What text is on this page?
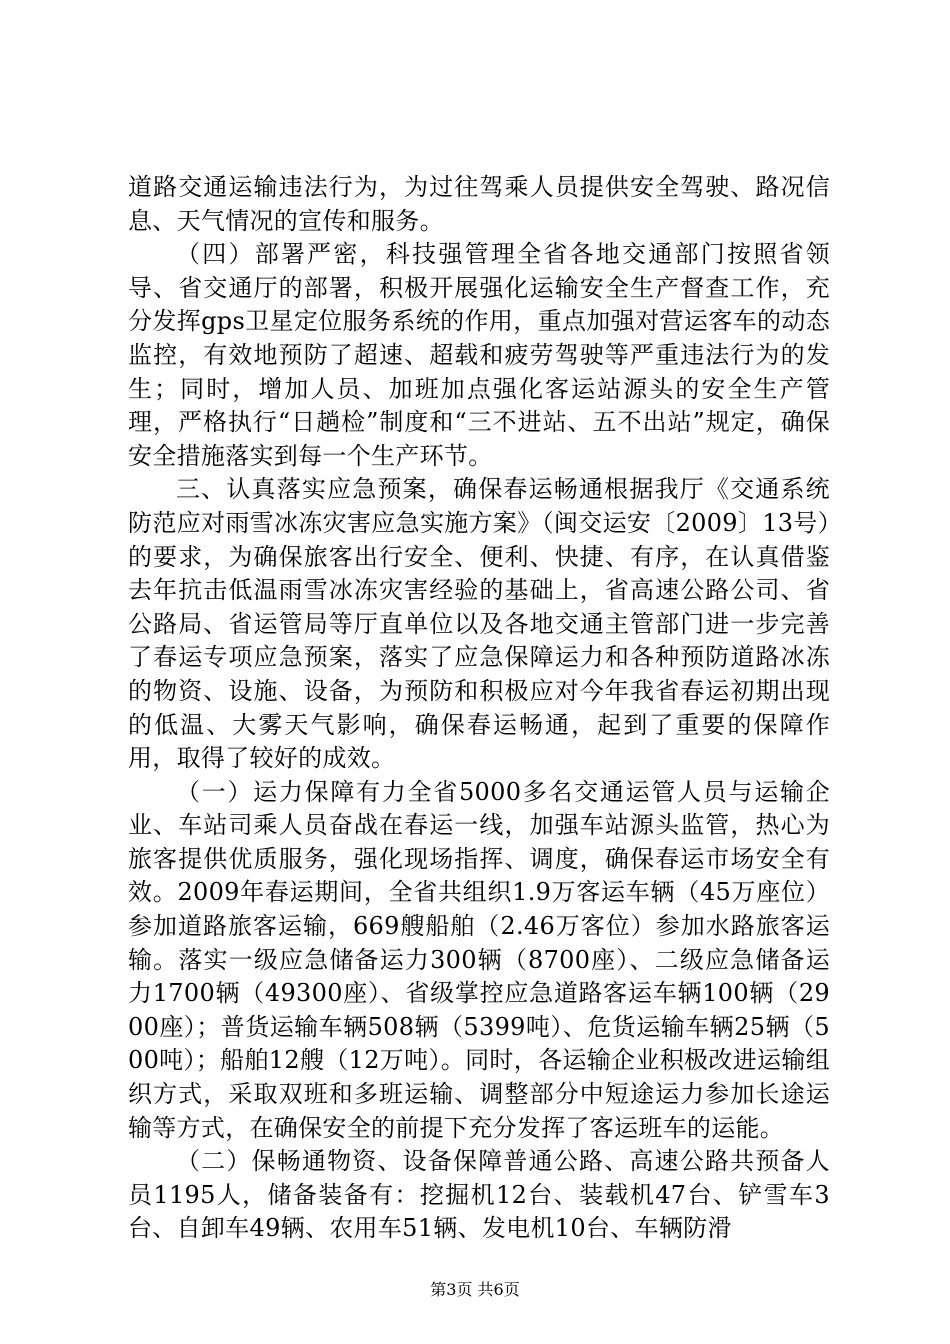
道路交通运输违法行为，为过往驾乘人员提供安全驾驶、路况信息、天气情况的宣传和服务。

（四）部署严密，科技强管理全省各地交通部门按照省领导、省交通厅的部署，积极开展强化运输安全生产督查工作，充分发挥gps卫星定位服务系统的作用，重点加强对营运客车的动态监控，有效地预防了超速、超载和疲劳驾驶等严重违法行为的发生；同时，增加人员、加班加点强化客运站源头的安全生产管理，严格执行“日趟检”制度和“三不进站、五不出站”规定，确保安全措施落实到每一个生产环节。

三、认真落实应急预案，确保春运畅通根据我厅《交通系统防范应对雨雪冰冻灾害应急实施方案》（闽交运安〔2009〕13号）的要求，为确保旅客出行安全、便利、快捷、有序，在认真借鉴去年抗击低温雨雪冰冻灾害经验的基础上，省高速公路公司、省公路局、省运管局等厅直单位以及各地交通主管部门进一步完善了春运专项应急预案，落实了应急保障运力和各种预防道路冰冻的物资、设施、设备，为预防和积极应对今年我省春运初期出现的低温、大雾天气影响，确保春运畅通，起到了重要的保障作用，取得了较好的成效。

（一）运力保障有力全省5000多名交通运管人员与运输企业、车站司乘人员奋战在春运一线，加强车站源头监管，热心为旅客提供优质服务，强化现场指挥、调度，确保春运市场安全有效。2009年春运期间，全省共组织1.9万客运车辆（45万座位）参加道路旅客运输，669艘船舶（2.46万客位）参加水路旅客运输。落实一级应急储备运力300辆（8700座）、二级应急储备运力1700辆（49300座）、省级掌控应急道路客运车辆100辆（2900座）；普货运输车辆508辆（5399吨）、危货运输车辆25辆（500吨）；船舶12艘（12万吨）。同时，各运输企业积极改进运输组织方式，采取双班和多班运输、调整部分中短途运力参加长途运输等方式，在确保安全的前提下充分发挥了客运班车的运能。

（二）保畅通物资、设备保障普通公路、高速公路共预备人员1195人，储备装备有：挖掘机12台、装载机47台、铲雪车3台、自卸车49辆、农用车51辆、发电机10台、车辆防滑

第3页 共6页
